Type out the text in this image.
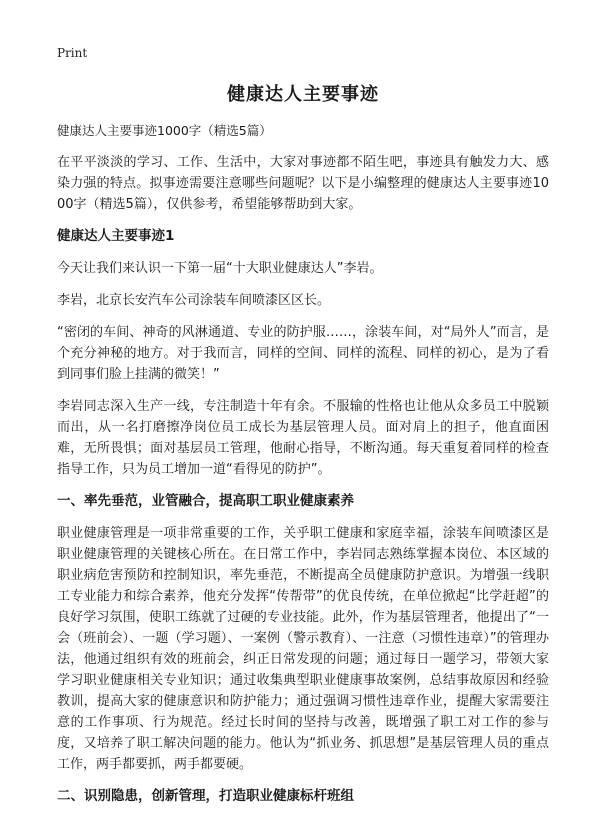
Print
健康达人主要事迹

健康达人主要事迹1000字（精选5篇）

在平平淡淡的学习、工作、生活中，大家对事迹都不陌生吧，事迹具有触发力大、感染力强的特点。拟事迹需要注意哪些问题呢？以下是小编整理的健康达人主要事迹1000字（精选5篇），仅供参考，希望能够帮助到大家。

健康达人主要事迹1

今天让我们来认识一下第一届“十大职业健康达人”李岩。

李岩，北京长安汽车公司涂装车间喷漆区区长。

“密闭的车间、神奇的风淋通道、专业的防护服……，涂装车间，对“局外人”而言，是个充分神秘的地方。对于我而言，同样的空间、同样的流程、同样的初心，是为了看到同事们脸上挂满的微笑！”

李岩同志深入生产一线，专注制造十年有余。不服输的性格也让他从众多员工中脱颖而出，从一名打磨擦净岗位员工成长为基层管理人员。面对肩上的担子，他直面困难，无所畏惧；面对基层员工管理，他耐心指导，不断沟通。每天重复着同样的检查指导工作，只为员工增加一道“看得见的防护”。

一、率先垂范，业管融合，提高职工职业健康素养

职业健康管理是一项非常重要的工作，关乎职工健康和家庭幸福，涂装车间喷漆区是职业健康管理的关键核心所在。在日常工作中，李岩同志熟练掌握本岗位、本区域的职业病危害预防和控制知识，率先垂范，不断提高全员健康防护意识。为增强一线职工专业能力和综合素养，他充分发挥“传帮带”的优良传统，在单位掀起“比学赶超”的良好学习氛围，使职工练就了过硬的专业技能。此外，作为基层管理者，他提出了“一会（班前会）、一题（学习题）、一案例（警示教育）、一注意（习惯性违章）”的管理办法，他通过组织有效的班前会，纠正日常发现的问题；通过每日一题学习，带领大家学习职业健康相关专业知识；通过收集典型职业健康事故案例，总结事故原因和经验教训，提高大家的健康意识和防护能力；通过强调习惯性违章作业，提醒大家需要注意的工作事项、行为规范。经过长时间的坚持与改善，既增强了职工对工作的参与度，又培养了职工解决问题的能力。他认为“抓业务、抓思想”是基层管理人员的重点工作，两手都要抓，两手都要硬。

二、识别隐患，创新管理，打造职业健康标杆班组
